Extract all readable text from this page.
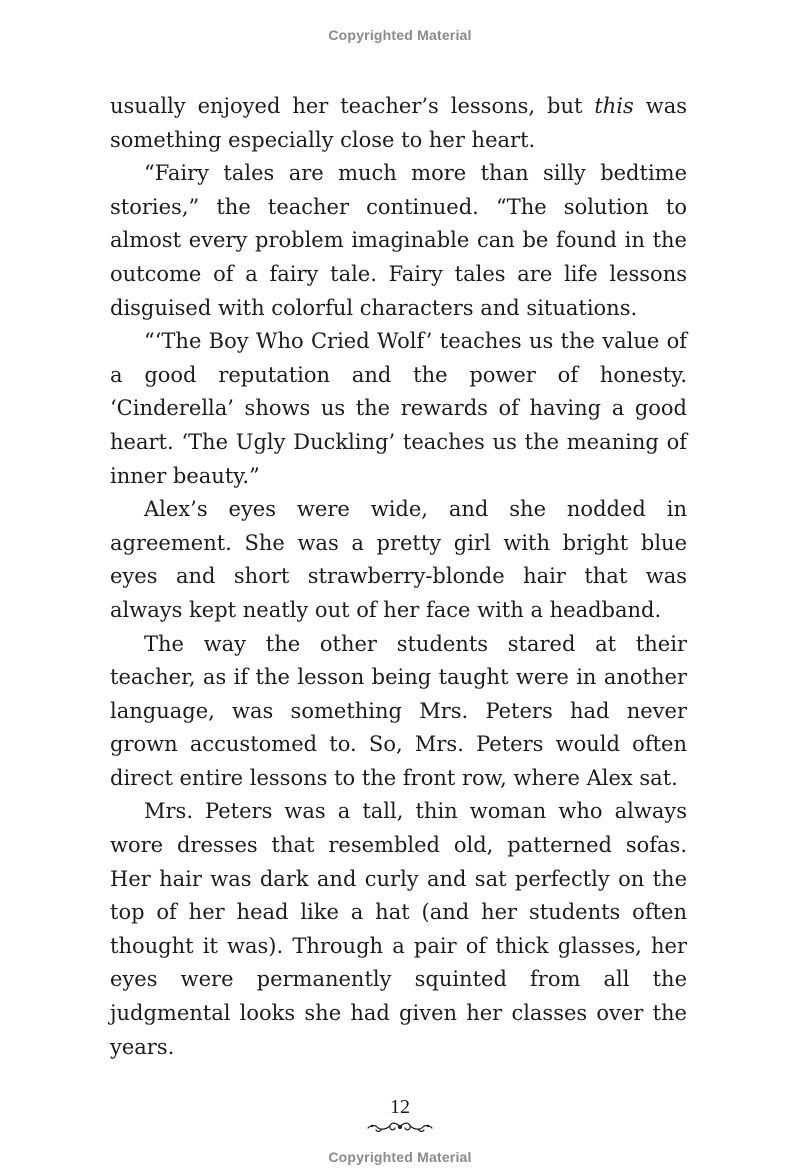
Copyrighted Material

usually enjoyed her teacher’s lessons, but this was something especially close to her heart.

“Fairy tales are much more than silly bedtime stories,” the teacher continued. “The solution to almost every problem imaginable can be found in the outcome of a fairy tale. Fairy tales are life lessons disguised with colorful characters and situations.

“‘The Boy Who Cried Wolf’ teaches us the value of a good reputation and the power of honesty. ‘Cinderella’ shows us the rewards of having a good heart. ‘The Ugly Duckling’ teaches us the meaning of inner beauty.”

Alex’s eyes were wide, and she nodded in agreement. She was a pretty girl with bright blue eyes and short strawberry-blonde hair that was always kept neatly out of her face with a headband.

The way the other students stared at their teacher, as if the lesson being taught were in another language, was something Mrs. Peters had never grown accustomed to. So, Mrs. Peters would often direct entire lessons to the front row, where Alex sat.

Mrs. Peters was a tall, thin woman who always wore dresses that resembled old, patterned sofas. Her hair was dark and curly and sat perfectly on the top of her head like a hat (and her students often thought it was). Through a pair of thick glasses, her eyes were permanently squinted from all the judgmental looks she had given her classes over the years.

12
Copyrighted Material
